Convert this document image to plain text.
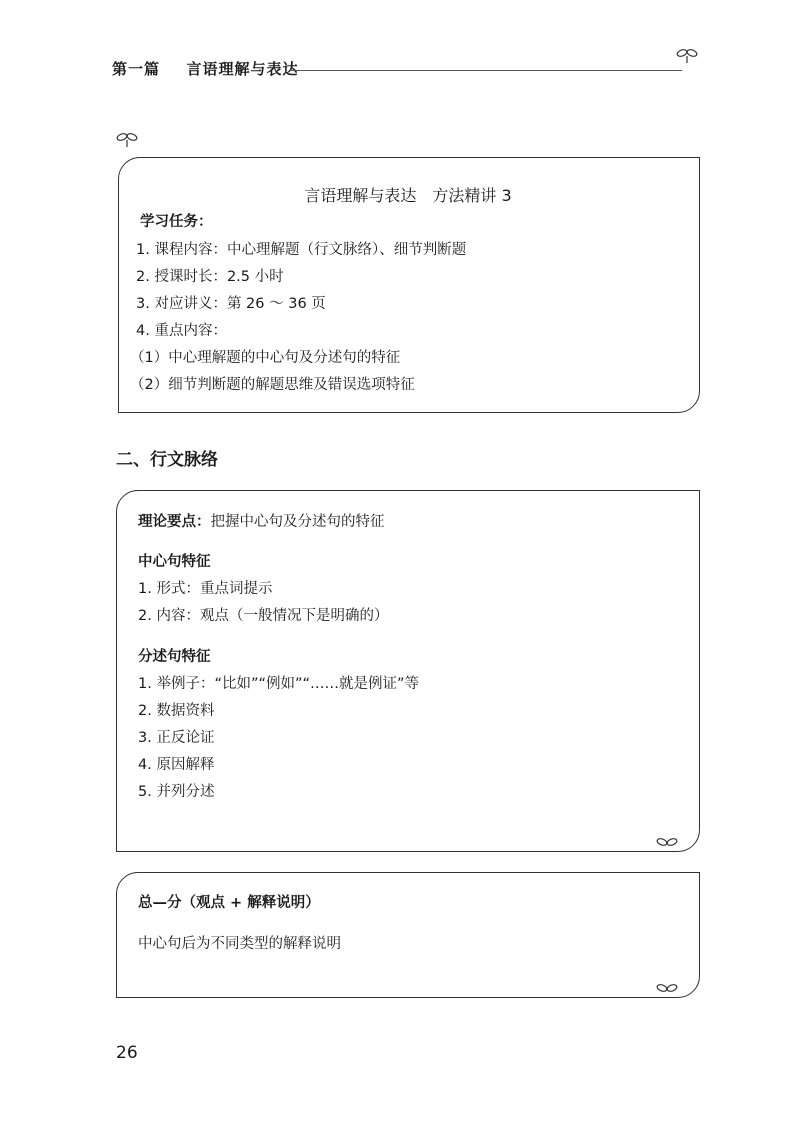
第一篇 言语理解与表达
言语理解与表达　方法精讲 3
学习任务：
1. 课程内容：中心理解题（行文脉络）、细节判断题
2. 授课时长：2.5 小时
3. 对应讲义：第 26 ～ 36 页
4. 重点内容：
（1）中心理解题的中心句及分述句的特征
（2）细节判断题的解题思维及错误选项特征
二、行文脉络
理论要点：把握中心句及分述句的特征
中心句特征
1. 形式：重点词提示
2. 内容：观点（一般情况下是明确的）
分述句特征
1. 举例子：“比如”“例如”“……就是例证”等
2. 数据资料
3. 正反论证
4. 原因解释
5. 并列分述
总—分（观点 + 解释说明）
中心句后为不同类型的解释说明
26
